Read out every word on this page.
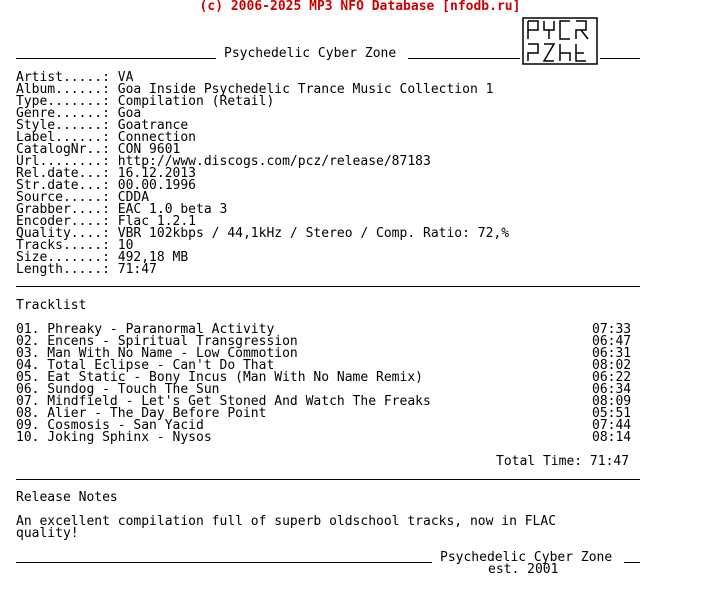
(c) 2006-2025 MP3 NFO Database [nfodb.ru]
Psychedelic Cyber Zone
Artist.....: VA
Album......: Goa Inside Psychedelic Trance Music Collection 1
Type.......: Compilation (Retail)
Genre......: Goa
Style......: Goatrance
Label......: Connection
CatalogNr..: CON 9601
Url........: http://www.discogs.com/pcz/release/87183
Rel.date...: 16.12.2013
Str.date...: 00.00.1996
Source.....: CDDA
Grabber....: EAC 1.0 beta 3
Encoder....: Flac 1.2.1
Quality....: VBR 102kbps / 44,1kHz / Stereo / Comp. Ratio: 72,%
Tracks.....: 10
Size.......: 492,18 MB
Length.....: 71:47
Tracklist
01. Phreaky - Paranormal Activity	07:33
02. Encens - Spiritual Transgression	06:47
03. Man With No Name - Low Commotion	06:31
04. Total Eclipse - Can't Do That	08:02
05. Eat Static - Bony Incus (Man With No Name Remix)	06:22
06. Sundog - Touch The Sun	06:34
07. Mindfield - Let's Get Stoned And Watch The Freaks	08:09
08. Alier - The Day Before Point	05:51
09. Cosmosis - San Yacid	07:44
10. Joking Sphinx - Nysos	08:14
Total Time: 71:47
Release Notes
An excellent compilation full of superb oldschool tracks, now in FLAC
quality!
Psychedelic Cyber Zone
est. 2001
